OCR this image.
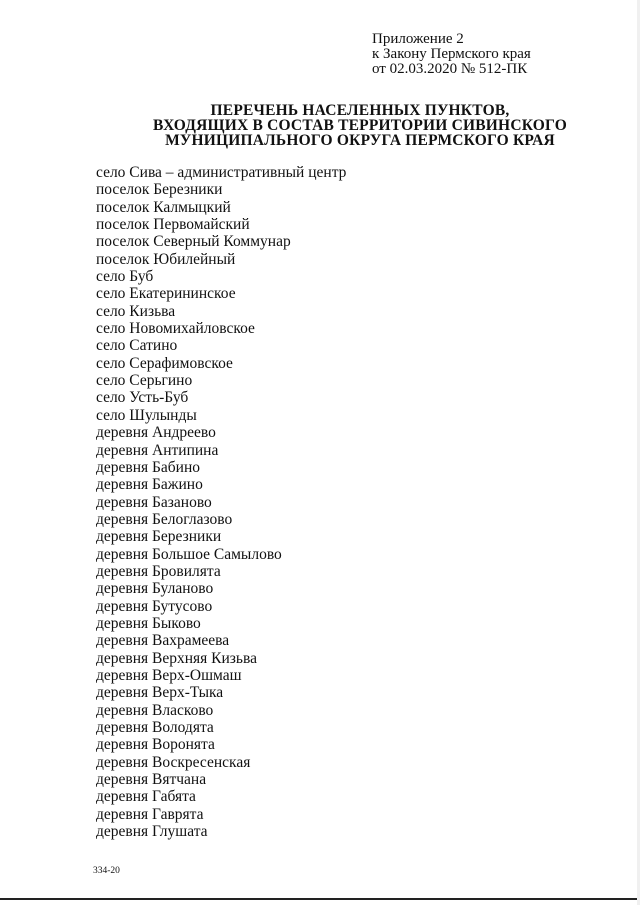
Приложение 2
к Закону Пермского края
от 02.03.2020 № 512-ПК
ПЕРЕЧЕНЬ НАСЕЛЕННЫХ ПУНКТОВ,
ВХОДЯЩИХ В СОСТАВ ТЕРРИТОРИИ СИВИНСКОГО
МУНИЦИПАЛЬНОГО ОКРУГА ПЕРМСКОГО КРАЯ
село Сива – административный центр
поселок Березники
поселок Калмыцкий
поселок Первомайский
поселок Северный Коммунар
поселок Юбилейный
село Буб
село Екатерининское
село Кизьва
село Новомихайловское
село Сатино
село Серафимовское
село Серьгино
село Усть-Буб
село Шулынды
деревня Андреево
деревня Антипина
деревня Бабино
деревня Бажино
деревня Базаново
деревня Белоглазово
деревня Березники
деревня Большое Самылово
деревня Бровилята
деревня Буланово
деревня Бутусово
деревня Быково
деревня Вахрамеева
деревня Верхняя Кизьва
деревня Верх-Ошмаш
деревня Верх-Тыка
деревня Власково
деревня Володята
деревня Воронята
деревня Воскресенская
деревня Вятчана
деревня Габята
деревня Гаврята
деревня Глушата
334-20
